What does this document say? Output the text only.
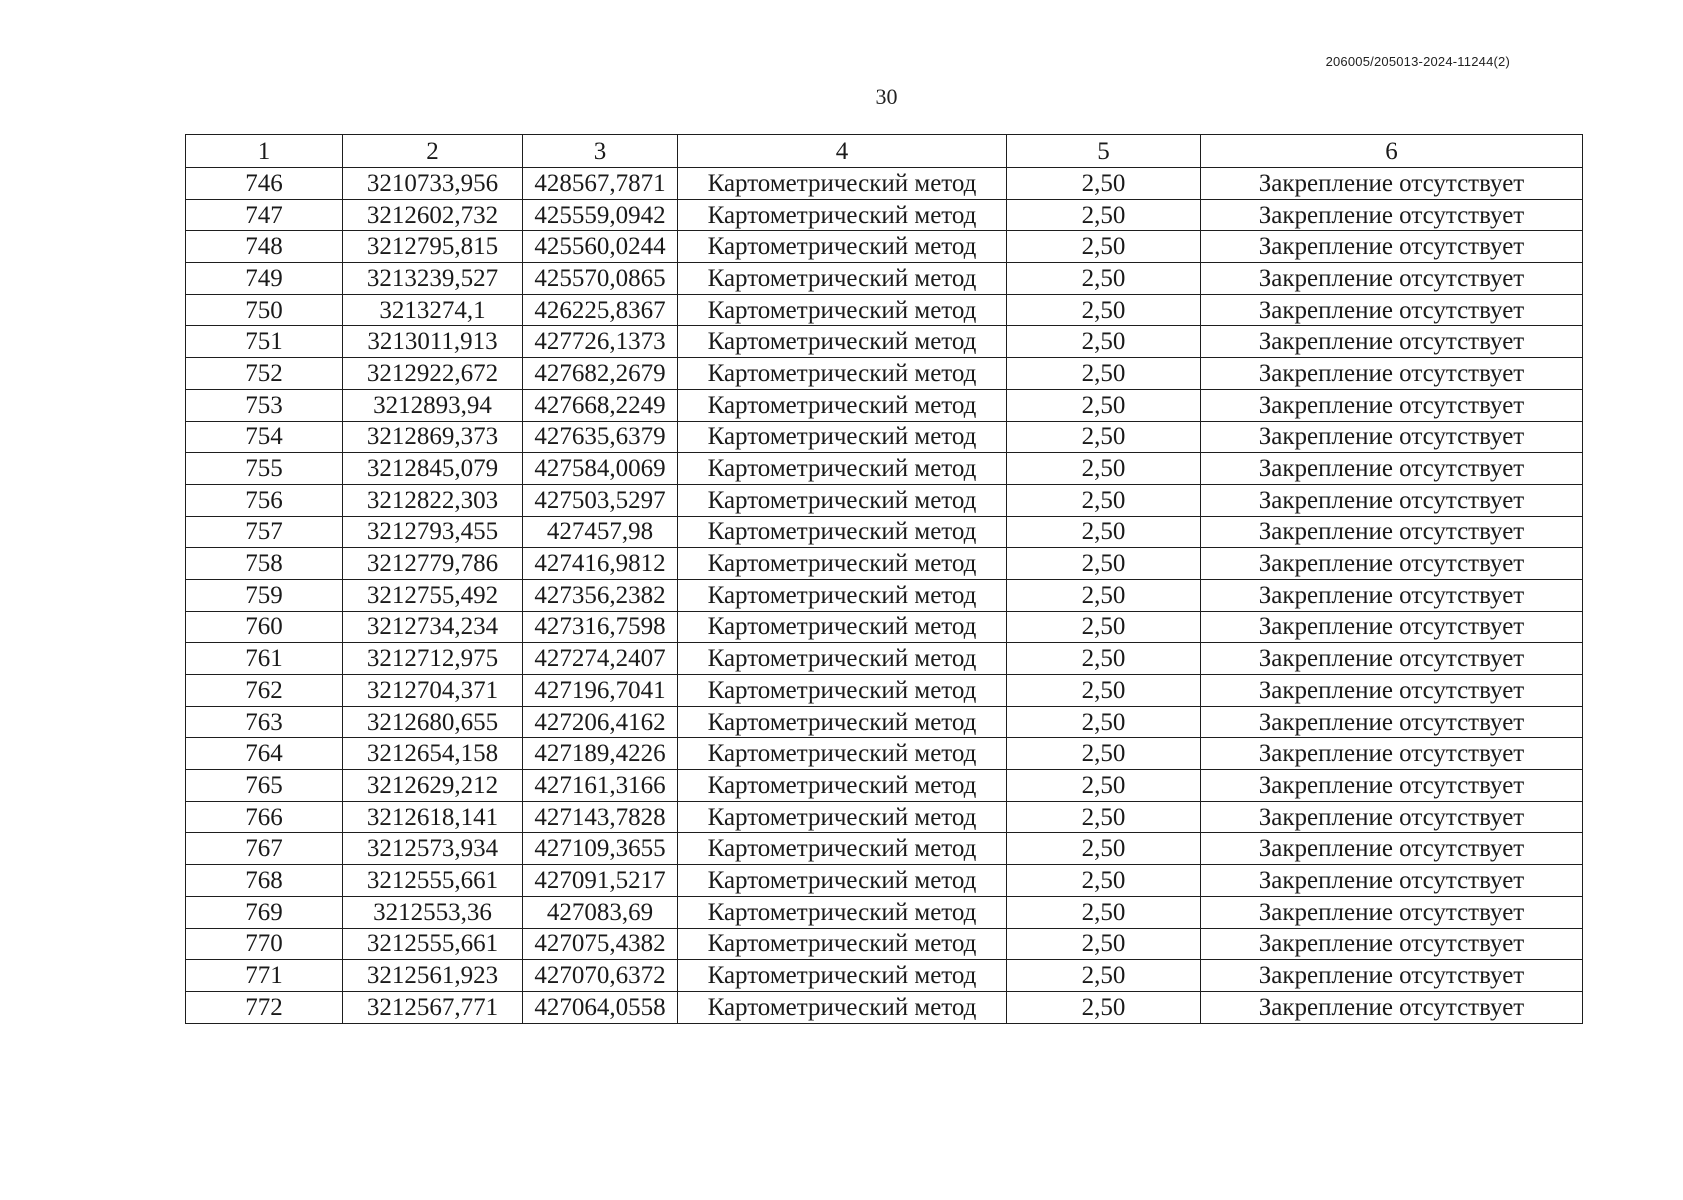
206005/205013-2024-11244(2)
30
1	2	3	4	5	6
746	3210733,956	428567,7871	Картометрический метод	2,50	Закрепление отсутствует
747	3212602,732	425559,0942	Картометрический метод	2,50	Закрепление отсутствует
748	3212795,815	425560,0244	Картометрический метод	2,50	Закрепление отсутствует
749	3213239,527	425570,0865	Картометрический метод	2,50	Закрепление отсутствует
750	3213274,1	426225,8367	Картометрический метод	2,50	Закрепление отсутствует
751	3213011,913	427726,1373	Картометрический метод	2,50	Закрепление отсутствует
752	3212922,672	427682,2679	Картометрический метод	2,50	Закрепление отсутствует
753	3212893,94	427668,2249	Картометрический метод	2,50	Закрепление отсутствует
754	3212869,373	427635,6379	Картометрический метод	2,50	Закрепление отсутствует
755	3212845,079	427584,0069	Картометрический метод	2,50	Закрепление отсутствует
756	3212822,303	427503,5297	Картометрический метод	2,50	Закрепление отсутствует
757	3212793,455	427457,98	Картометрический метод	2,50	Закрепление отсутствует
758	3212779,786	427416,9812	Картометрический метод	2,50	Закрепление отсутствует
759	3212755,492	427356,2382	Картометрический метод	2,50	Закрепление отсутствует
760	3212734,234	427316,7598	Картометрический метод	2,50	Закрепление отсутствует
761	3212712,975	427274,2407	Картометрический метод	2,50	Закрепление отсутствует
762	3212704,371	427196,7041	Картометрический метод	2,50	Закрепление отсутствует
763	3212680,655	427206,4162	Картометрический метод	2,50	Закрепление отсутствует
764	3212654,158	427189,4226	Картометрический метод	2,50	Закрепление отсутствует
765	3212629,212	427161,3166	Картометрический метод	2,50	Закрепление отсутствует
766	3212618,141	427143,7828	Картометрический метод	2,50	Закрепление отсутствует
767	3212573,934	427109,3655	Картометрический метод	2,50	Закрепление отсутствует
768	3212555,661	427091,5217	Картометрический метод	2,50	Закрепление отсутствует
769	3212553,36	427083,69	Картометрический метод	2,50	Закрепление отсутствует
770	3212555,661	427075,4382	Картометрический метод	2,50	Закрепление отсутствует
771	3212561,923	427070,6372	Картометрический метод	2,50	Закрепление отсутствует
772	3212567,771	427064,0558	Картометрический метод	2,50	Закрепление отсутствует
